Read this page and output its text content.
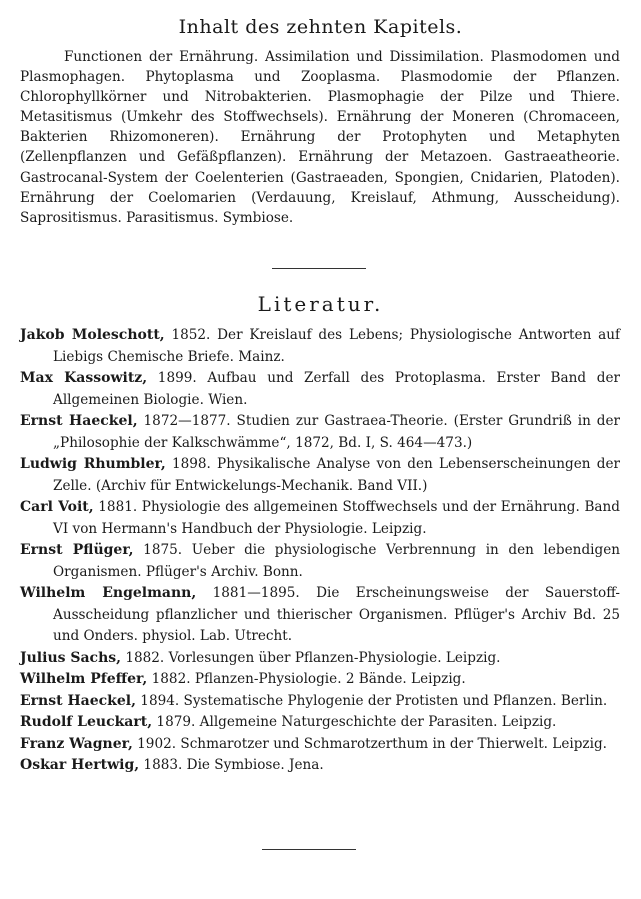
Inhalt des zehnten Kapitels.

Functionen der Ernährung. Assimilation und Dissimilation. Plasmodomen und Plasmophagen. Phytoplasma und Zooplasma. Plasmodomie der Pflanzen. Chlorophyllkörner und Nitrobakterien. Plasmophagie der Pilze und Thiere. Metasitismus (Umkehr des Stoffwechsels). Ernährung der Moneren (Chromaceen, Bakterien Rhizomoneren). Ernährung der Protophyten und Metaphyten (Zellenpflanzen und Gefäßpflanzen). Ernährung der Metazoen. Gastraeatheorie. Gastrocanal-System der Coelenterien (Gastraeaden, Spongien, Cnidarien, Platoden). Ernährung der Coelomarien (Verdauung, Kreislauf, Athmung, Ausscheidung). Saprositismus. Parasitismus. Symbiose.

Literatur.
Jakob Moleschott, 1852. Der Kreislauf des Lebens; Physiologische Antworten auf Liebigs Chemische Briefe. Mainz.
Max Kassowitz, 1899. Aufbau und Zerfall des Protoplasma. Erster Band der Allgemeinen Biologie. Wien.
Ernst Haeckel, 1872—1877. Studien zur Gastraea-Theorie. (Erster Grundriß in der „Philosophie der Kalkschwämme“, 1872, Bd. I, S. 464—473.)
Ludwig Rhumbler, 1898. Physikalische Analyse von den Lebenserscheinungen der Zelle. (Archiv für Entwickelungs-Mechanik. Band VII.)
Carl Voit, 1881. Physiologie des allgemeinen Stoffwechsels und der Ernährung. Band VI von Hermann's Handbuch der Physiologie. Leipzig.
Ernst Pflüger, 1875. Ueber die physiologische Verbrennung in den lebendigen Organismen. Pflüger's Archiv. Bonn.
Wilhelm Engelmann, 1881—1895. Die Erscheinungsweise der Sauerstoff-Ausscheidung pflanzlicher und thierischer Organismen. Pflüger's Archiv Bd. 25 und Onders. physiol. Lab. Utrecht.
Julius Sachs, 1882. Vorlesungen über Pflanzen-Physiologie. Leipzig.
Wilhelm Pfeffer, 1882. Pflanzen-Physiologie. 2 Bände. Leipzig.
Ernst Haeckel, 1894. Systematische Phylogenie der Protisten und Pflanzen. Berlin.
Rudolf Leuckart, 1879. Allgemeine Naturgeschichte der Parasiten. Leipzig.
Franz Wagner, 1902. Schmarotzer und Schmarotzerthum in der Thierwelt. Leipzig.
Oskar Hertwig, 1883. Die Symbiose. Jena.
